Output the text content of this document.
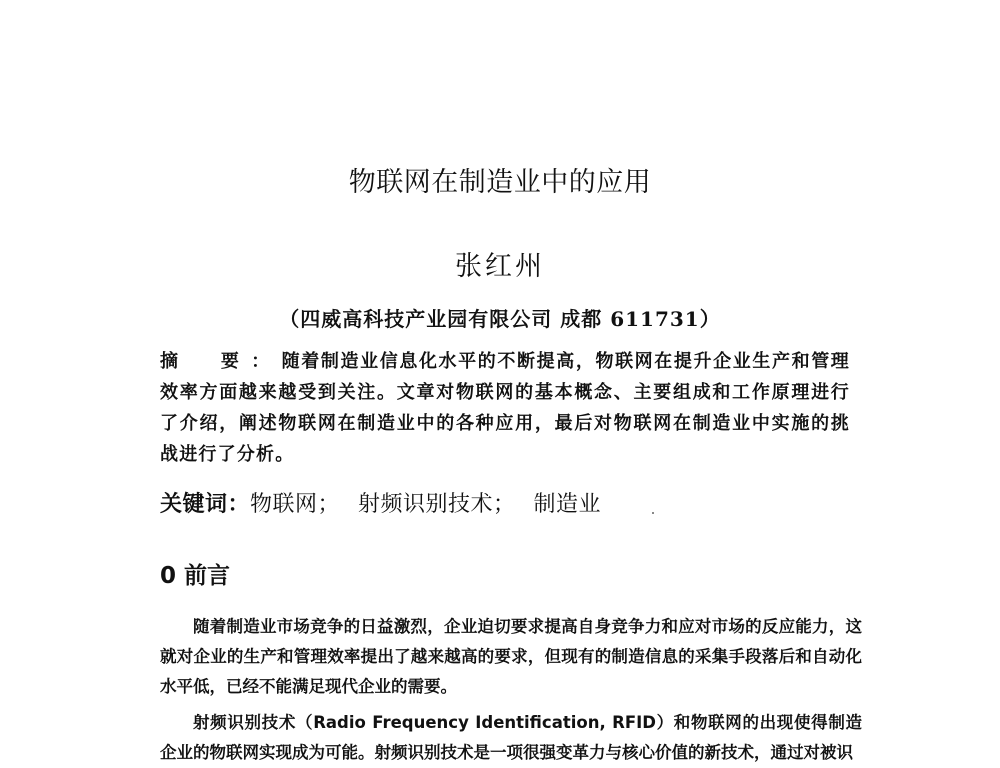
物联网在制造业中的应用
张红州
（四威高科技产业园有限公司 成都 611731）
摘　要：随着制造业信息化水平的不断提高，物联网在提升企业生产和管理效率方面越来越受到关注。文章对物联网的基本概念、主要组成和工作原理进行了介绍，阐述物联网在制造业中的各种应用，最后对物联网在制造业中实施的挑战进行了分析。
关键词：物联网； 射频识别技术； 制造业
0 前言

随着制造业市场竞争的日益激烈，企业迫切要求提高自身竞争力和应对市场的反应能力，这就对企业的生产和管理效率提出了越来越高的要求，但现有的制造信息的采集手段落后和自动化水平低，已经不能满足现代企业的需要。

射频识别技术（Radio Frequency Identification, RFID）和物联网的出现使得制造企业的物联网实现成为可能。射频识别技术是一项很强变革力与核心价值的新技术，通过对被识
